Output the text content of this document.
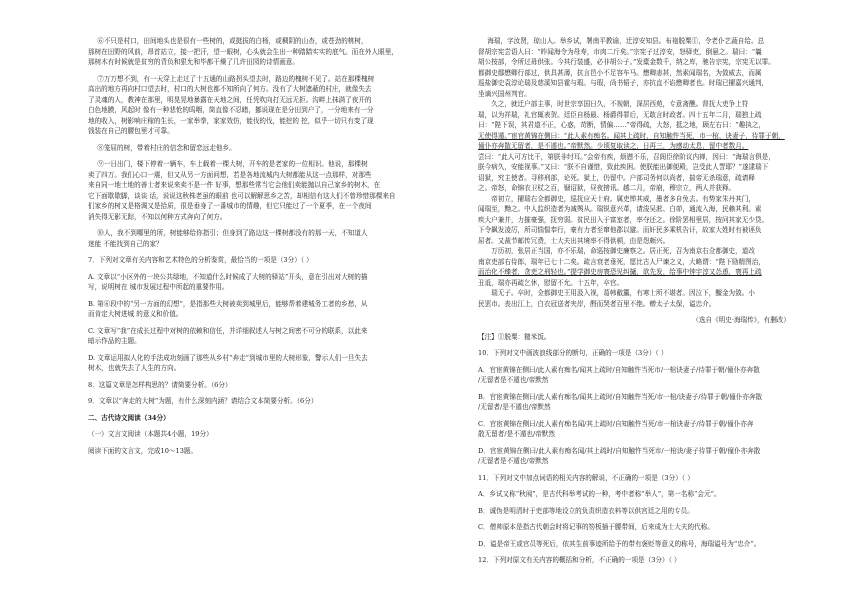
⑥不只是村口，田间地头也是很有一些树的，或挺拔的白杨，或稠阴的山杏，或苍劲的桃树，

那树在田野的风前，昂首站立，接一把汗，望一眼树，心头就会生出一种踏踏实实的底气。而在外人眼里，

那树木有时候就是贫穷的背负和狠允和毕都干燥了几许田园的诗情画意。

⑦万万想不到，有一天穿上走过了十五通的山路拐头望去时，路边的槐树不见了。站在那棵槐树

高出的地方再向村口望去时，村口的大树也都不知所向了何方。没有了大树遮蔽的村庄，就像失去

了灵魂的人，教神在那里，明晃晃地暴露在天地之间，任凭吹向打无远无拒。沟畔上抹满了夜开的

白色地膜，风起时 像有一种悲怆的呜咽，简直像不忍睹，挪说现在是分田到户了，一分地来有一分

地的收入，树影响庄稼的生长，一家举拳，家家效仿，能伐的伐，能挖的 挖，似乎一切只有变了现

钱装在自己的腰包里才可靠。

⑧笼屈的树，带着村庄的信念和留恋远走他乡。

⑨一日出门，楼下停着一辆车，车上载着一棵大树，开车的是老家的一位相识。他说，那棵树

卖了四万。我们心口一震，但又从另一方面问想，若是各地流城内大树都能从这一点那样，对那些

来自同一地土地的善士者来说来卖不是一件 好事，想那些常当它会他们卖能抛以自己家乡的树木，在

它下面歇歇脚，谈谈 话，说说这秋株老虽的眼前 也可以解解思乡之苦，却相信有这人们不曾珍惜那棵来自

们家乡的树又是格调又是拾质，很是垂身了一番城市的情趣，但它只能过了一个夏季，在一个夜间

消失得无影无踪，不知以何种方式奔向了何方。

⑩人，我不到哪里的所，树能够给你指引；但身到了路边这一棵树都没有的那一天，不知道人

迷能 不能找到自己的家？

7．下列对文章有关内容和艺术特色的分析鉴赏，最恰当的一项是（3分）（ ）

A. 文章以“小区外的一块公共绿地，不知道什么时候成了大树的驿站”开头，意在引出对大树的描

写，说明树在 城市发展过程中所起的重要作用。

B. 第⑥段中的“另一方面的幻想”，是指那些大树被卖到城里后，能够帮着建城务工者的乡愁，从

而肯定大树进城 的意义和价值。

C. 文章写“我”在成长过程中对树的依赖和信任，并详细叙述人与树之间密不可分的联系，以此来

暗示作品的主题。

D. 文章运用拟人化的手法成功刻画了那些从乡村“奔走”到城市里的大树形象，警示人们一旦失去

树木，也就失去了人生的方向。

8．这篇文章是怎样构思的？请简要分析。（6分）

9．文章以“奔走的大树”为题，有什么深刻内涵？请结合文本简要分析。（6分）

二、古代诗文阅读（34分）

（一）文言文阅读（本题共4小题，19分）

阅读下面的文言文，完成10～13题。

海瑞，字汝贤，琼山人。举乡试，署南平教谕，迁淳安知县。布袍脱粟①，令老仆艺蔬自给。总

督胡宗宪尝语人曰：“昨闻海令为母寿，市肉二斤矣。”宗宪子过淳安，怒驿吏，倒悬之。瑞曰：“曩

胡公按部，令所过毋供张。今其行装盛，必非胡公子。”发橐金数千，纳之库，驰告宗宪，宗宪无以罪。

都御史鄢懋卿行部过，供具甚薄，抗言邑小不足容车马。懋卿恚甚，然素闻瑞名，为敛威去，而属

巡盐御史袁淳论瑞及慈溪知县霍与瑕。与瑕，尚书韬子，亦抗直不谄懋卿者也。时瑞已擢嘉兴通判，

坐谪兴国州判官。

　　久之，就迁户部主事，时世宗享国日久，不视朝，深居西苑，专意斋醮。督抚大吏争上符

瑞，以为祥瑞，礼官辄表贺。廷臣自杨最、杨爵得罪后，无敢言时政者。四十五年二月，瑞独上疏

曰：“陛下误，其君道不正，心惑，苛断，情偏……”帝得疏，大怒，抵之地，顾左右曰：“趣执之，

无使得遁。”宦官黄锦在侧曰：“此人素有痴名。闻其上疏时，自知触忤当死，市一棺，诀妻子，待罪于朝，

僮仆亦奔散无留者，是不遁也。”帝默然。少顷复取读之，日再三，为感动太息，留中者数月。

尝曰：“此人可方比干，第朕非纣耳。”会帝有疾，烦懑不乐，召阁臣徐阶议内禅，因曰：“海瑞言俱是，

朕今病久，安能视事。”又曰：“朕不自谨惜，致此疾困。使朕能出御便殿，岂受此人詈耶？”遂逮瑞下

诏狱，究主使者。寻移刑部，论死。狱上，仍留中。户部司务何以尚者，揣帝无杀瑞意，疏请释

之。帝怒，命锦衣卫杖之百，锢诏狱，昼夜搒讯。越二月，帝崩，穆宗立，两人并获释。

　　帝初立，擢瑞右佥都御史，巡抚应天十府。属吏惮其威，墨者多自免去。有势家朱丹其门，

闻瑞至，黝之。中人监织造者为减舆从。瑞锐意兴革，请浚吴淞、白茆，通流入海，民赖其利。素

疾大户兼并，力摧豪强，抚穷弱。贫民田入于富室者，率夺还之。徐阶罢相里居，按问其家无少贷。

下令飙发凌厉，所司惴惴奉行，豪有力者至窜他郡以避。而奸民多乘机告讦，故家大姓时有被诬负

屈者。又裁节邮传冗费，士大夫出其境率不得供顿，由是怨颇兴。

　　万历初，张居正当国，亦不乐瑞，命巡按御史廉察之。居正死，召为南京右佥都御史，道改

南京吏部右侍郎，瑞年已七十二矣。疏言衰老垂死，愿比古人尸谏之义，大略谓：“陛下励精图治，

而治化不臻者，贪吏之刑轻也。”提学御史房寰恐见纠擿，欲先发，给事中钟宇淳又怂恿，寰再上疏

丑诋，瑞亦再疏乞休，慰留不允。十五年，卒官。

　　瑞无子。卒时，佥都御史王用汲入视，葛帏敝籝，有寒士所不堪者。因泣下，醵金为敛。小

民罢市。丧出江上，白衣冠送者夹岸，酹而哭者百里不绝。赠太子太保，谥忠介。

（选自《明史·海瑞传》，有删改）

【注】①脱粟：糙米饭。

10．下列对文中画波浪线部分的断句，正确的一项是（3分）（ ）

A．官宦黄锦在侧曰/此人素有痴名/闻其上疏时/自知触忤当死市/一棺诀妻子/待罪于朝/僮仆亦奔散

/无留者是不遁也/帝默然

B．官宦黄锦在侧曰/此人素有痴名/闻其上疏时/自知触忤当死/市一棺/诀妻子/待罪于朝/僮仆亦奔散

/无留者/是不遁也/帝默然

C．官宦黄锦在侧曰/此人素有痴名闻/其上疏时/自知触忤当死/市一棺诀妻子/待罪于朝/僮仆亦奔

散无留者/是不遁也/帝默然

D．官宦黄锦在侧曰/此人素有痴名闻/其上疏时/自知触忤当死市/一棺诀/妻子待罪于朝/僮仆亦奔散

/无留者是不遁也/帝默然

11．下列对文中加点词语的相关内容的解说，不正确的一项是（3分）（ ）

A．乡试又称“秋闱”，是古代科举考试的一种，考中者称“举人”，第一名称“会元”。

B．诚伪是明清时于吏部等地设立的负责织造衣料等以供宫廷之用的专员。

C．僧帅原本是指古代朝会时将记事的笏板插于腰带间，后来成为士大夫的代称。

D．谥是帝王或官员等死后，依其生前事迹所给予的带有褒贬等意义的称号，海瑞谥号为“忠介”。

12．下列对原文有关内容的概括和分析，不正确的一项是（3分）（ ）
